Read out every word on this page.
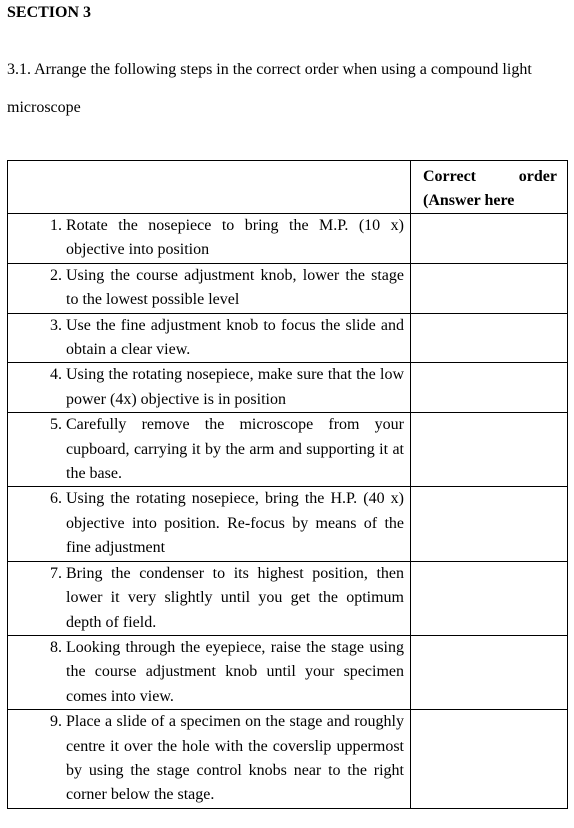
SECTION 3
3.1. Arrange the following steps in the correct order when using a compound light microscope

	Correct order
(Answer here

1. Rotate the nosepiece to bring the M.P. (10 x) objective into position	

2. Using the course adjustment knob, lower the stage to the lowest possible level	

3. Use the fine adjustment knob to focus the slide and obtain a clear view.	

4. Using the rotating nosepiece, make sure that the low power (4x) objective is in position	

5. Carefully remove the microscope from your cupboard, carrying it by the arm and supporting it at the base.	

6. Using the rotating nosepiece, bring the H.P. (40 x) objective into position. Re-focus by means of the fine adjustment	

7. Bring the condenser to its highest position, then lower it very slightly until you get the optimum depth of field.	

8. Looking through the eyepiece, raise the stage using the course adjustment knob until your specimen comes into view.	

9. Place a slide of a specimen on the stage and roughly centre it over the hole with the coverslip uppermost by using the stage control knobs near to the right corner below the stage.	
